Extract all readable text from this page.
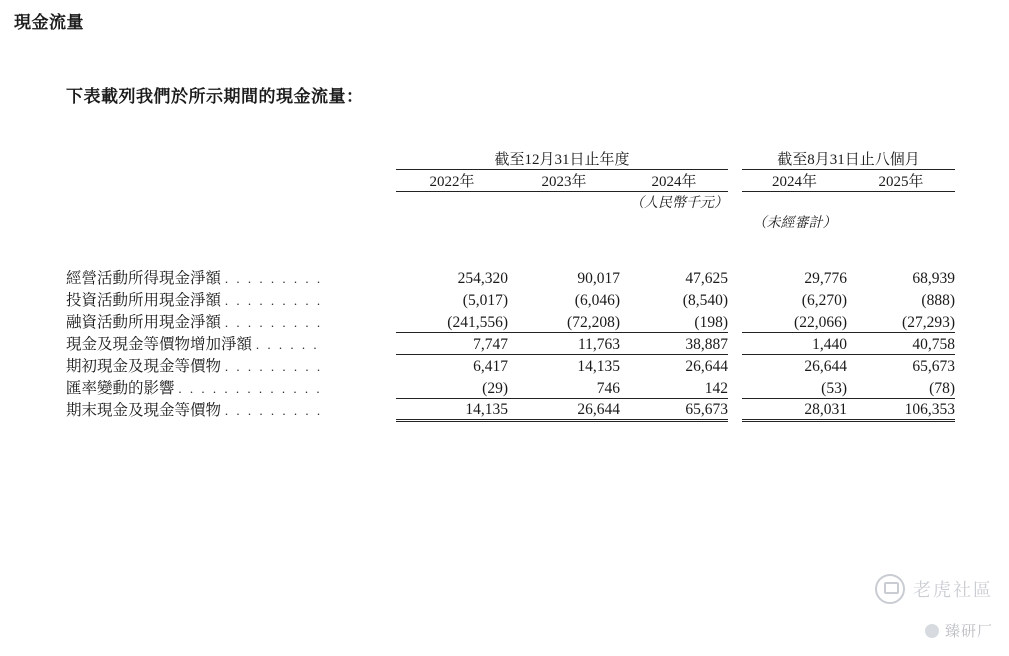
現金流量
下表載列我們於所示期間的現金流量：
	截至12月31日止年度				截至8月31日止八個月	
	2022年	2023年	2024年		2024年	2025年
			（人民幣千元）			
					（未經審計）	

經營活動所得現金淨額 . . . . . . . . .	254,320	90,017	47,625		29,776	68,939
投資活動所用現金淨額 . . . . . . . . .	(5,017)	(6,046)	(8,540)		(6,270)	(888)
融資活動所用現金淨額 . . . . . . . . .	(241,556)	(72,208)	(198)		(22,066)	(27,293)
現金及現金等價物增加淨額 . . . . . .	7,747	11,763	38,887		1,440	40,758
期初現金及現金等價物 . . . . . . . . .	6,417	14,135	26,644		26,644	65,673
匯率變動的影響 . . . . . . . . . . . . .	(29)	746	142		(53)	(78)
期末現金及現金等價物 . . . . . . . . .	14,135	26,644	65,673		28,031	106,353
老虎社區
臻研厂
